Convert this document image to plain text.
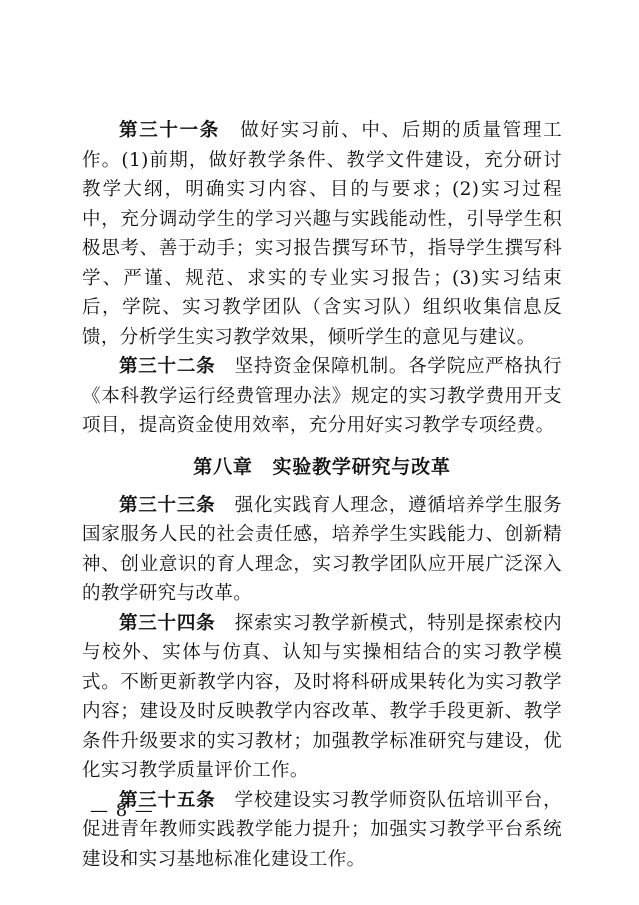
第三十一条　 做好实习前、中、后期的质量管理工作。(1)前期，做好教学条件、教学文件建设，充分研讨教学大纲，明确实习内容、目的与要求；(2)实习过程中，充分调动学生的学习兴趣与实践能动性，引导学生积极思考、善于动手；实习报告撰写环节，指导学生撰写科学、严谨、规范、求实的专业实习报告；(3)实习结束后，学院、实习教学团队（含实习队）组织收集信息反馈，分析学生实习教学效果，倾听学生的意见与建议。

第三十二条　 坚持资金保障机制。各学院应严格执行《本科教学运行经费管理办法》规定的实习教学费用开支项目，提高资金使用效率，充分用好实习教学专项经费。

第八章　实验教学研究与改革

第三十三条　 强化实践育人理念，遵循培养学生服务国家服务人民的社会责任感，培养学生实践能力、创新精神、创业意识的育人理念，实习教学团队应开展广泛深入的教学研究与改革。

第三十四条　 探索实习教学新模式，特别是探索校内与校外、实体与仿真、认知与实操相结合的实习教学模式。不断更新教学内容，及时将科研成果转化为实习教学内容；建设及时反映教学内容改革、教学手段更新、教学条件升级要求的实习教材；加强教学标准研究与建设，优化实习教学质量评价工作。

第三十五条　 学校建设实习教学师资队伍培训平台，促进青年教师实践教学能力提升；加强实习教学平台系统建设和实习基地标准化建设工作。

— 8 —
